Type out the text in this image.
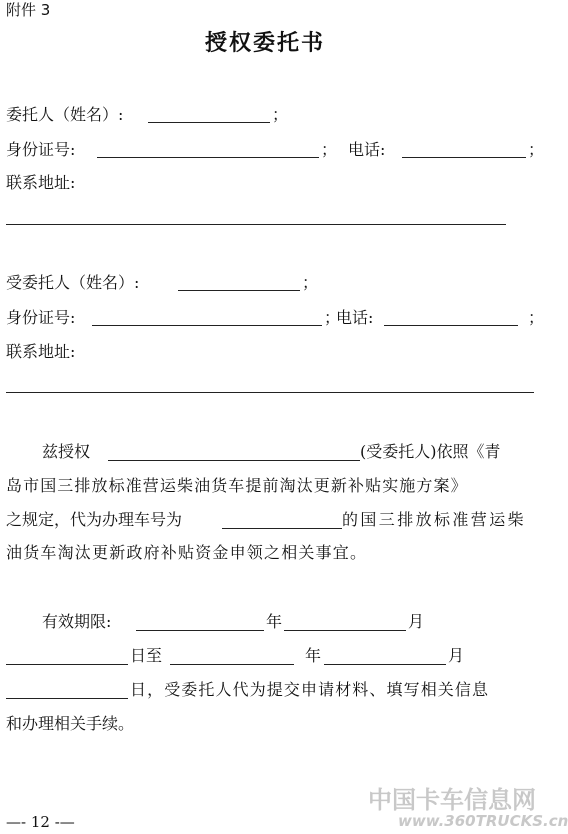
附件 3
授权委托书
委托人（姓名）:	；
身份证号:	； 电话:	；
联系地址:
受委托人（姓名）:	；
身份证号:	；
电话:	；
联系地址:
兹授权	(受委托人)依照《青
岛市国三排放标准营运柴油货车提前淘汰更新补贴实施方案》
之规定，代为办理车号为	的国三排放标准营运柴
油货车淘汰更新政府补贴资金申领之相关事宜。
有效期限:	年	月
日至	年	月
日，受委托人代为提交申请材料、填写相关信息
和办理相关手续。
—- 12 -—
中国卡车信息网
www.360TRUCKS.cn
